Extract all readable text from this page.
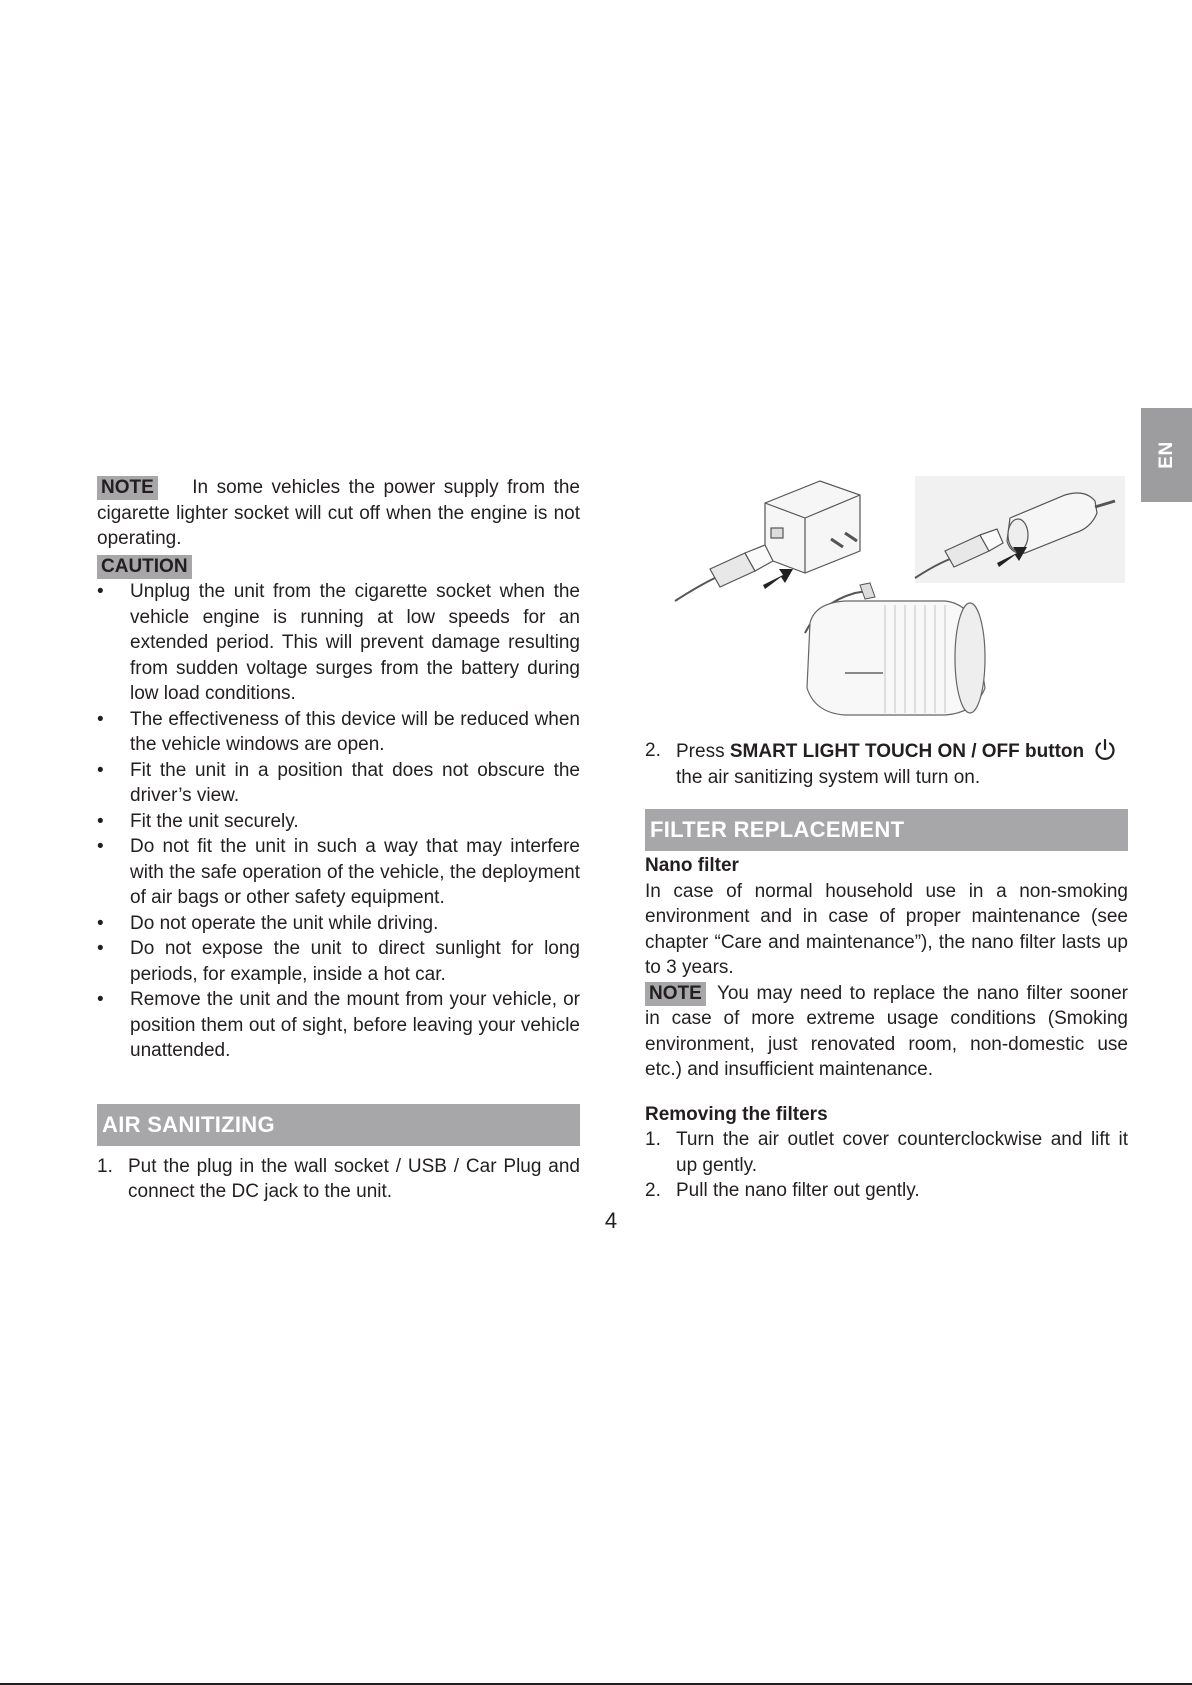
EN

NOTE In some vehicles the power supply from the cigarette lighter socket will cut off when the engine is not operating.

CAUTION

• Unplug the unit from the cigarette socket when the vehicle engine is running at low speeds for an extended period. This will prevent damage resulting from sudden voltage surges from the battery during low load conditions.
• The effectiveness of this device will be reduced when the vehicle windows are open.
• Fit the unit in a position that does not obscure the driver’s view.
• Fit the unit securely.
• Do not fit the unit in such a way that may interfere with the safe operation of the vehicle, the deployment of air bags or other safety equipment.
• Do not operate the unit while driving.
• Do not expose the unit to direct sunlight for long periods, for example, inside a hot car.
• Remove the unit and the mount from your vehicle, or position them out of sight, before leaving your vehicle unattended.
AIR SANITIZING
1. Put the plug in the wall socket / USB / Car Plug and connect the DC jack to the unit.
2. Press SMART LIGHT TOUCH ON / OFF button
the air sanitizing system will turn on.
FILTER REPLACEMENT

Nano filter

In case of normal household use in a non-smoking environment and in case of proper maintenance (see chapter “Care and maintenance”), the nano filter lasts up to 3 years.

NOTE You may need to replace the nano filter sooner in case of more extreme usage conditions (Smoking environment, just renovated room, non-domestic use etc.) and insufficient maintenance.

Removing the filters

1. Turn the air outlet cover counterclockwise and lift it up gently.
2. Pull the nano filter out gently.
4
